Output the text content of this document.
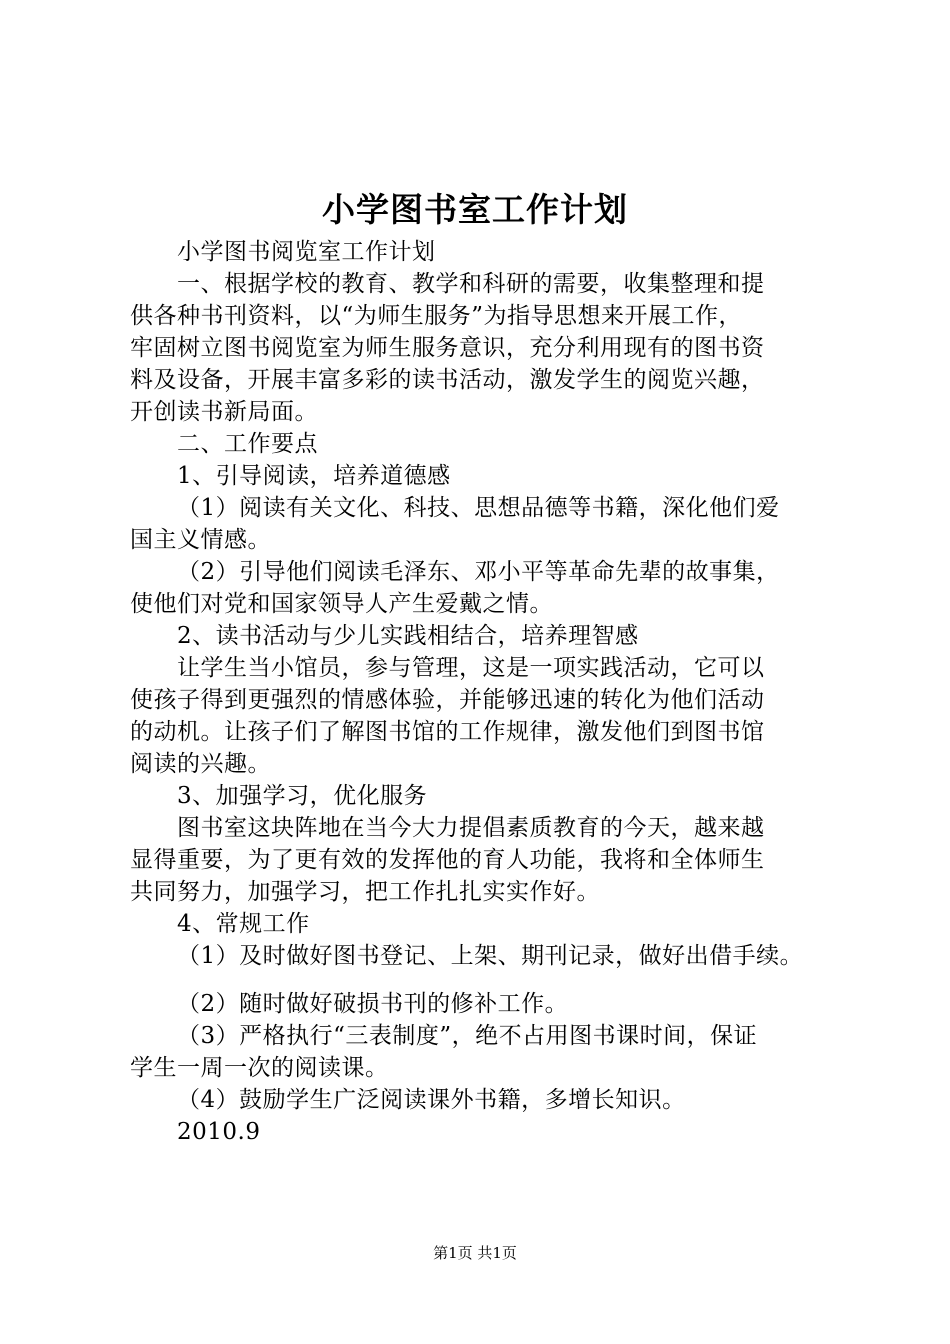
小学图书室工作计划
小学图书阅览室工作计划
一、根据学校的教育、教学和科研的需要，收集整理和提
供各种书刊资料，以“为师生服务”为指导思想来开展工作，
牢固树立图书阅览室为师生服务意识，充分利用现有的图书资
料及设备，开展丰富多彩的读书活动，激发学生的阅览兴趣，
开创读书新局面。
二、工作要点
1、引导阅读，培养道德感
（1）阅读有关文化、科技、思想品德等书籍，深化他们爱
国主义情感。
（2）引导他们阅读毛泽东、邓小平等革命先辈的故事集，
使他们对党和国家领导人产生爱戴之情。
2、读书活动与少儿实践相结合，培养理智感
让学生当小馆员，参与管理，这是一项实践活动，它可以
使孩子得到更强烈的情感体验，并能够迅速的转化为他们活动
的动机。让孩子们了解图书馆的工作规律，激发他们到图书馆
阅读的兴趣。
3、加强学习，优化服务
图书室这块阵地在当今大力提倡素质教育的今天，越来越
显得重要，为了更有效的发挥他的育人功能，我将和全体师生
共同努力，加强学习，把工作扎扎实实作好。
4、常规工作
（1）及时做好图书登记、上架、期刊记录，做好出借手续。
（2）随时做好破损书刊的修补工作。
（3）严格执行“三表制度”，绝不占用图书课时间，保证
学生一周一次的阅读课。
（4）鼓励学生广泛阅读课外书籍，多增长知识。
2010.9
第1页 共1页
